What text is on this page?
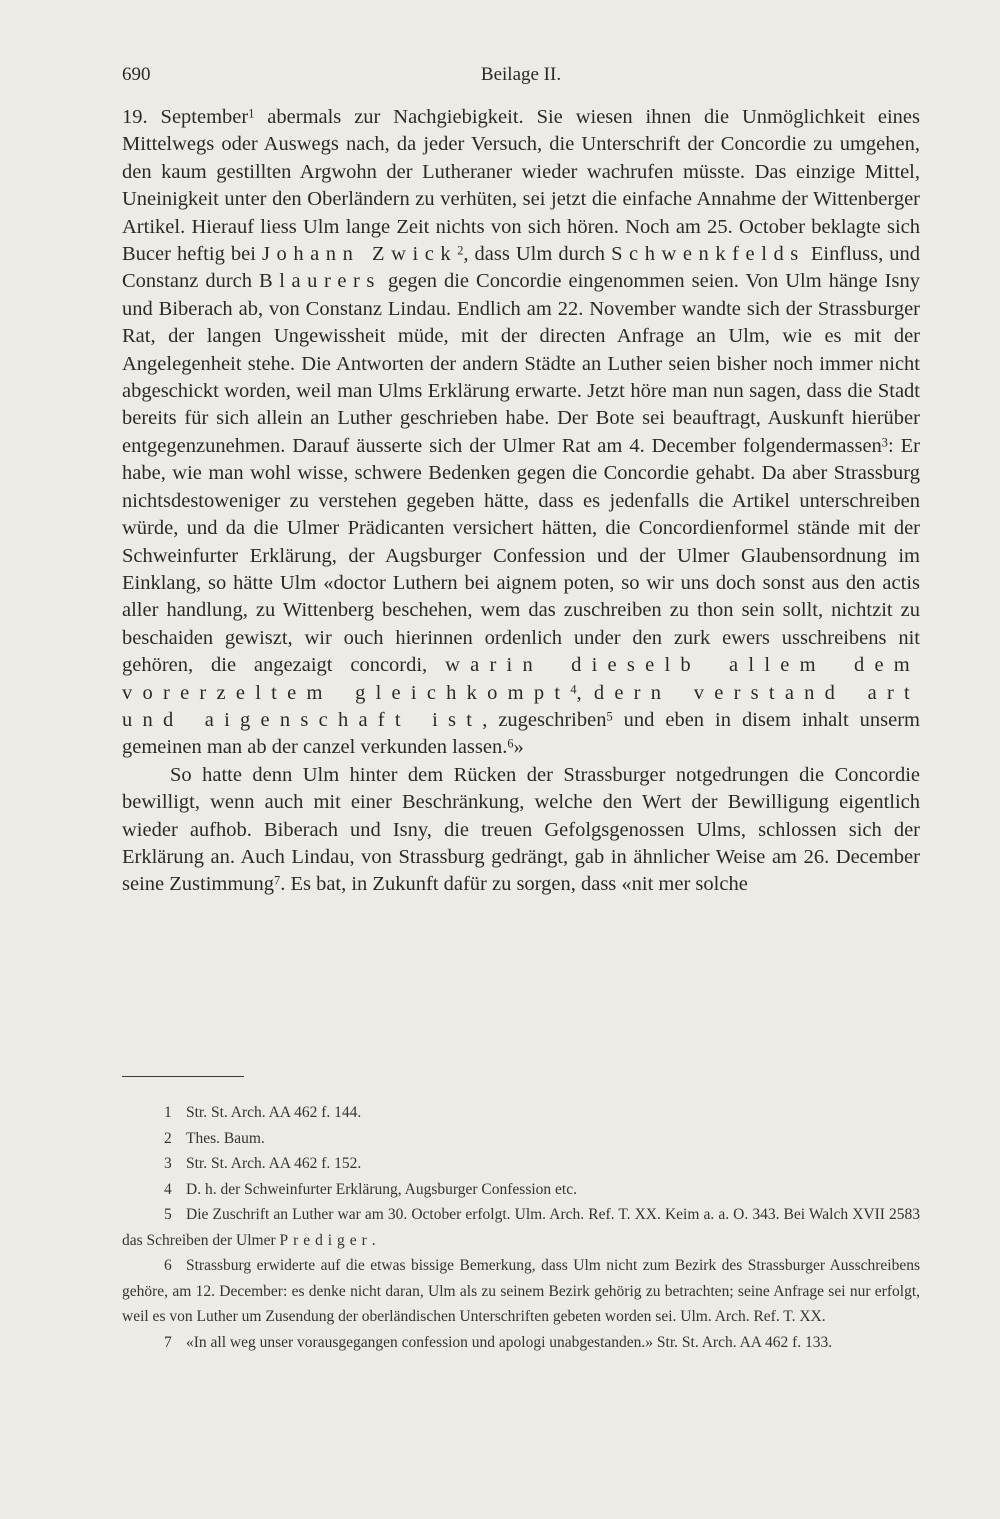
690	Beilage II.

19. September$^1$ abermals zur Nachgiebigkeit. Sie wiesen ihnen die Unmöglichkeit eines Mittelwegs oder Auswegs nach, da jeder Versuch, die Unterschrift der Concordie zu umgehen, den kaum gestillten Argwohn der Lutheraner wieder wachrufen müsste. Das einzige Mittel, Uneinigkeit unter den Oberländern zu verhüten, sei jetzt die einfache Annahme der Wittenberger Artikel. Hierauf liess Ulm lange Zeit nichts von sich hören. Noch am 25. October beklagte sich Bucer heftig bei Johann Zwick$^2$, dass Ulm durch Schwenkfelds Einfluss, und Constanz durch Blaurers gegen die Concordie eingenommen seien. Von Ulm hänge Isny und Biberach ab, von Constanz Lindau. Endlich am 22. November wandte sich der Strassburger Rat, der langen Ungewissheit müde, mit der directen Anfrage an Ulm, wie es mit der Angelegenheit stehe. Die Antworten der andern Städte an Luther seien bisher noch immer nicht abgeschickt worden, weil man Ulms Erklärung erwarte. Jetzt höre man nun sagen, dass die Stadt bereits für sich allein an Luther geschrieben habe. Der Bote sei beauftragt, Auskunft hierüber entgegenzunehmen. Darauf äusserte sich der Ulmer Rat am 4. December folgendermassen$^3$: Er habe, wie man wohl wisse, schwere Bedenken gegen die Concordie gehabt. Da aber Strassburg nichtsdestoweniger zu verstehen gegeben hätte, dass es jedenfalls die Artikel unterschreiben würde, und da die Ulmer Prädicanten versichert hätten, die Concordienformel stände mit der Schweinfurter Erklärung, der Augsburger Confession und der Ulmer Glaubensordnung im Einklang, so hätte Ulm «doctor Luthern bei aignem poten, so wir uns doch sonst aus den actis aller handlung, zu Wittenberg beschehen, wem das zuschreiben zu thon sein sollt, nichtzit zu beschaiden gewiszt, wir ouch hierinnen ordenlich under den zurk ewers usschreibens nit gehören, die angezaigt concordi, warin dieselb allem dem vorerzeltem gleichkompt$^4$, dern verstand art und aigenschaft ist, zugeschriben$^5$ und eben in disem inhalt unserm gemeinen man ab der canzel verkunden lassen.$^6$»

So hatte denn Ulm hinter dem Rücken der Strassburger notgedrungen die Concordie bewilligt, wenn auch mit einer Beschränkung, welche den Wert der Bewilligung eigentlich wieder aufhob. Biberach und Isny, die treuen Gefolgsgenossen Ulms, schlossen sich der Erklärung an. Auch Lindau, von Strassburg gedrängt, gab in ähnlicher Weise am 26. December seine Zustimmung$^7$. Es bat, in Zukunft dafür zu sorgen, dass «nit mer solche

1 Str. St. Arch. AA 462 f. 144.

2 Thes. Baum.

3 Str. St. Arch. AA 462 f. 152.

4 D. h. der Schweinfurter Erklärung, Augsburger Confession etc.

5 Die Zuschrift an Luther war am 30. October erfolgt. Ulm. Arch. Ref. T. XX. Keim a. a. O. 343. Bei Walch XVII 2583 das Schreiben der Ulmer Prediger.

6 Strassburg erwiderte auf die etwas bissige Bemerkung, dass Ulm nicht zum Bezirk des Strassburger Ausschreibens gehöre, am 12. December: es denke nicht daran, Ulm als zu seinem Bezirk gehörig zu betrachten; seine Anfrage sei nur erfolgt, weil es von Luther um Zusendung der oberländischen Unterschriften gebeten worden sei. Ulm. Arch. Ref. T. XX.

7 «In all weg unser vorausgegangen confession und apologi unabgestanden.» Str. St. Arch. AA 462 f. 133.
